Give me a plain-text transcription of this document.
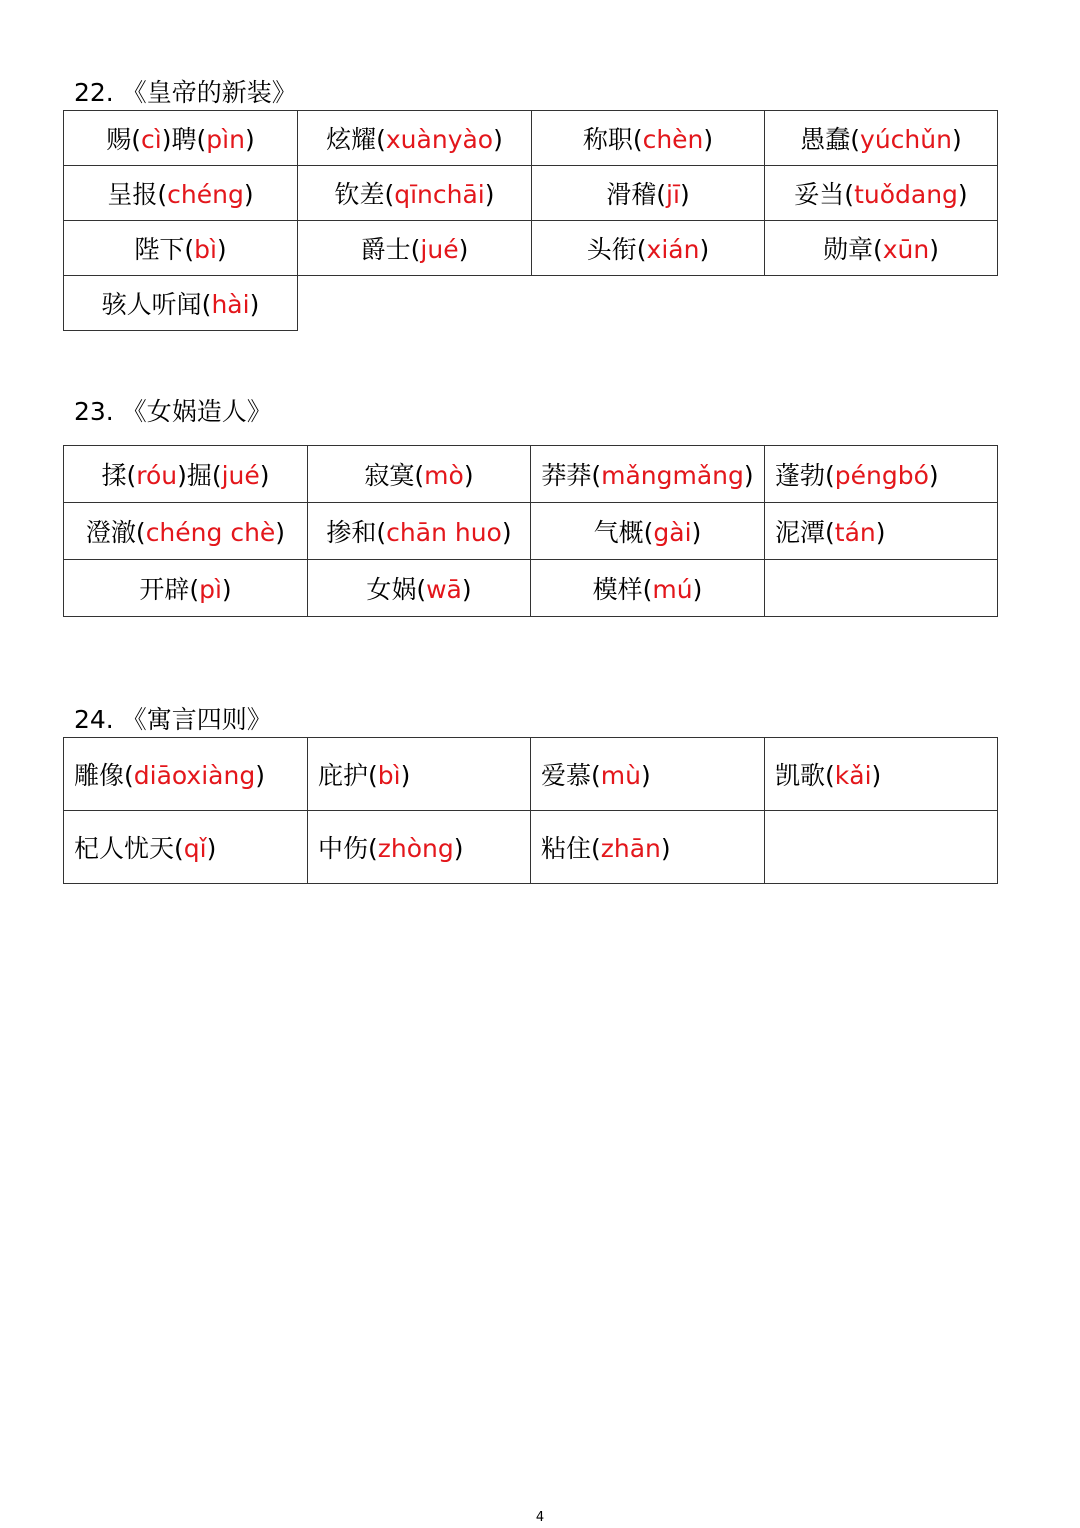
22. 《皇帝的新装》
赐(cì)聘(pìn)	炫耀(xuànyào)	称职(chèn)	愚蠢(yúchǔn)
呈报(chéng)	钦差(qīnchāi)	滑稽(jī)	妥当(tuǒdang)
陛下(bì)	爵士(jué)	头衔(xián)	勋章(xūn)
骇人听闻(hài)			
23. 《女娲造人》
揉(róu)掘(jué)	寂寞(mò)	莽莽(mǎngmǎng)	蓬勃(péngbó)
澄澈(chéng chè)	掺和(chān huo)	气概(gài)	泥潭(tán)
开辟(pì)	女娲(wā)	模样(mú)	
24. 《寓言四则》
雕像(diāoxiàng)	庇护(bì)	爱慕(mù)	凯歌(kǎi)
杞人忧天(qǐ)	中伤(zhòng)	粘住(zhān)	
4
